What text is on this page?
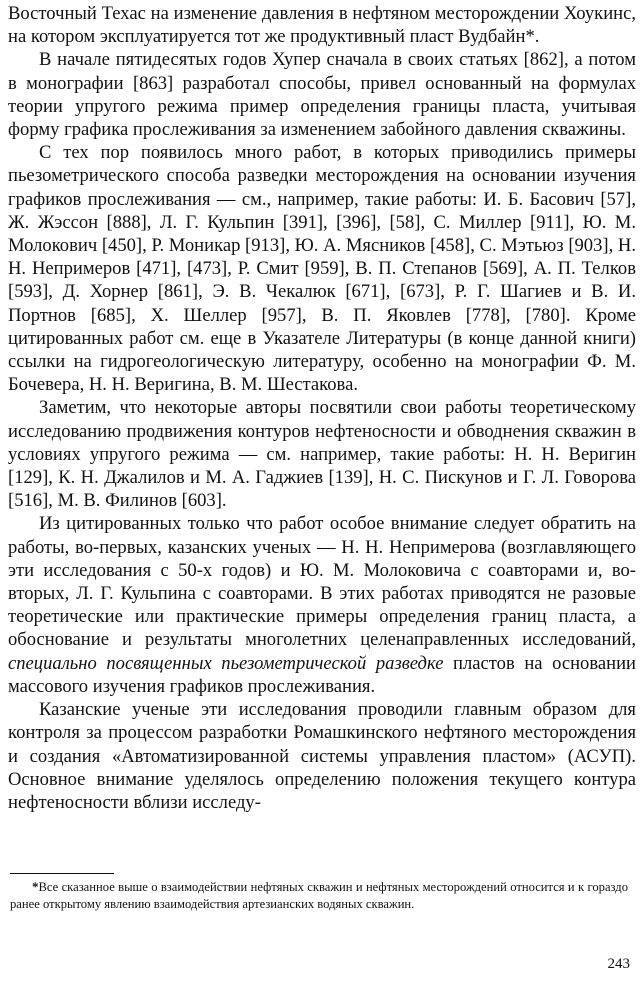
Восточный Техас на изменение давления в нефтяном месторождении Хоукинс, на котором эксплуатируется тот же продуктивный пласт Вудбайн*.

В начале пятидесятых годов Хупер сначала в своих статьях [862], а потом в монографии [863] разработал способы, привел основанный на формулах теории упругого режима пример определения границы пласта, учитывая форму графика прослеживания за изменением забойного давления скважины.

С тех пор появилось много работ, в которых приводились примеры пьезометрического способа разведки месторождения на основании изучения графиков прослеживания — см., например, такие работы: И. Б. Басович [57], Ж. Жэссон [888], Л. Г. Кульпин [391], [396], [58], С. Миллер [911], Ю. М. Молокович [450], Р. Моникар [913], Ю. А. Мясников [458], С. Мэтьюз [903], Н. Н. Непримеров [471], [473], Р. Смит [959], В. П. Степанов [569], А. П. Телков [593], Д. Хорнер [861], Э. В. Чекалюк [671], [673], Р. Г. Шагиев и В. И. Портнов [685], Х. Шеллер [957], В. П. Яковлев [778], [780]. Кроме цитированных работ см. еще в Указателе Литературы (в конце данной книги) ссылки на гидрогеологическую литературу, особенно на монографии Ф. М. Бочевера, Н. Н. Веригина, В. М. Шестакова.

Заметим, что некоторые авторы посвятили свои работы теоретическому исследованию продвижения контуров нефтеносности и обводнения скважин в условиях упругого режима — см. например, такие работы: Н. Н. Веригин [129], К. Н. Джалилов и М. А. Гаджиев [139], Н. С. Пискунов и Г. Л. Говорова [516], М. В. Филинов [603].

Из цитированных только что работ особое внимание следует обратить на работы, во-первых, казанских ученых — Н. Н. Непримерова (возглавляющего эти исследования с 50-х годов) и Ю. М. Молоковича с соавторами и, во-вторых, Л. Г. Кульпина с соавторами. В этих работах приводятся не разовые теоретические или практические примеры определения границ пласта, а обоснование и результаты многолетних целенаправленных исследований, специально посвященных пьезометрической разведке пластов на основании массового изучения графиков прослеживания.

Казанские ученые эти исследования проводили главным образом для контроля за процессом разработки Ромашкинского нефтяного месторождения и создания «Автоматизированной системы управления пластом» (АСУП). Основное внимание уделялось определению положения текущего контура нефтеносности вблизи исследу-

*Все сказанное выше о взаимодействии нефтяных скважин и нефтяных месторождений относится и к гораздо ранее открытому явлению взаимодействия артезианских водяных скважин.
243
